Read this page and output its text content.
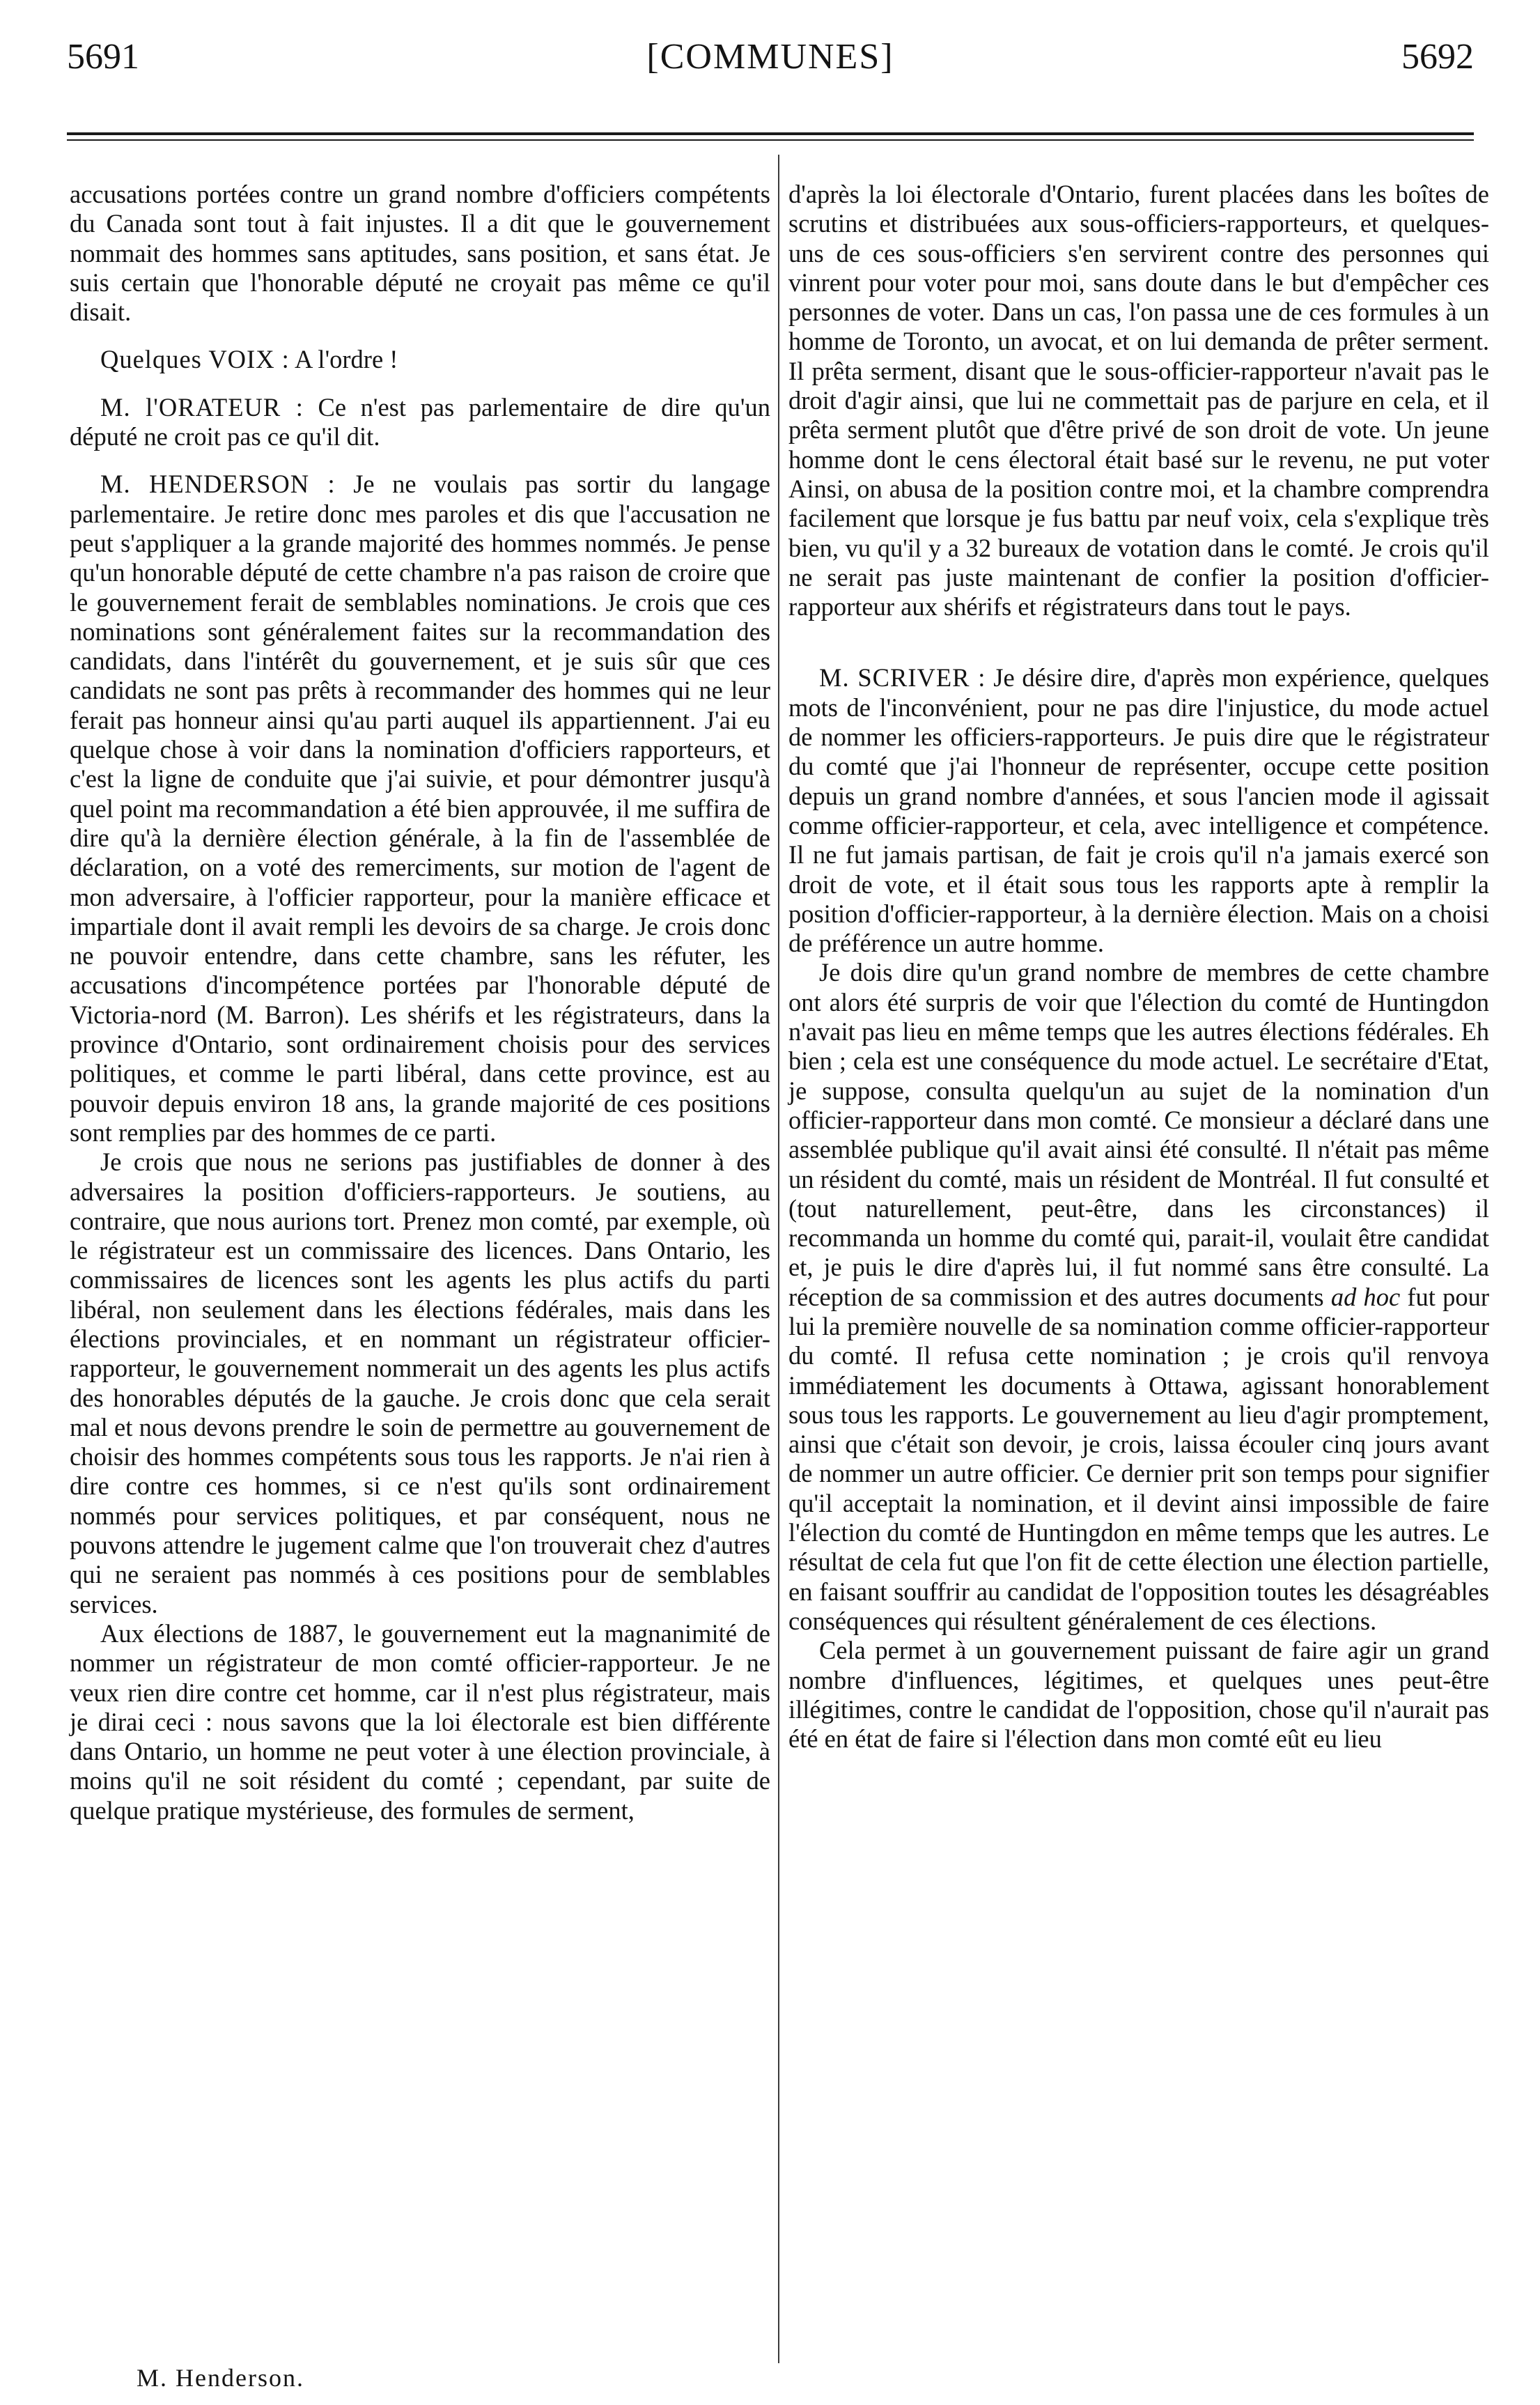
5691	[COMMUNES]	5692

accusations portées contre un grand nombre d'officiers compétents du Canada sont tout à fait injustes. Il a dit que le gouvernement nommait des hommes sans aptitudes, sans position, et sans état. Je suis certain que l'honorable député ne croyait pas même ce qu'il disait.

Quelques VOIX : A l'ordre !

M. l'ORATEUR : Ce n'est pas parlementaire de dire qu'un député ne croit pas ce qu'il dit.

M. HENDERSON : Je ne voulais pas sortir du langage parlementaire. Je retire donc mes paroles et dis que l'accusation ne peut s'appliquer a la grande majorité des hommes nommés. Je pense qu'un honorable député de cette chambre n'a pas raison de croire que le gouvernement ferait de semblables nominations. Je crois que ces nominations sont généralement faites sur la recommandation des candidats, dans l'intérêt du gouvernement, et je suis sûr que ces candidats ne sont pas prêts à recommander des hommes qui ne leur ferait pas honneur ainsi qu'au parti auquel ils appartiennent. J'ai eu quelque chose à voir dans la nomination d'officiers rapporteurs, et c'est la ligne de conduite que j'ai suivie, et pour démontrer jusqu'à quel point ma recommandation a été bien approuvée, il me suffira de dire qu'à la dernière élection générale, à la fin de l'assemblée de déclaration, on a voté des remerciments, sur motion de l'agent de mon adversaire, à l'officier rapporteur, pour la manière efficace et impartiale dont il avait rempli les devoirs de sa charge. Je crois donc ne pouvoir entendre, dans cette chambre, sans les réfuter, les accusations d'incompétence portées par l'honorable député de Victoria-nord (M. Barron). Les shérifs et les régistrateurs, dans la province d'Ontario, sont ordinairement choisis pour des services politiques, et comme le parti libéral, dans cette province, est au pouvoir depuis environ 18 ans, la grande majorité de ces positions sont remplies par des hommes de ce parti.

Je crois que nous ne serions pas justifiables de donner à des adversaires la position d'officiers-rapporteurs. Je soutiens, au contraire, que nous aurions tort. Prenez mon comté, par exemple, où le régistrateur est un commissaire des licences. Dans Ontario, les commissaires de licences sont les agents les plus actifs du parti libéral, non seulement dans les élections fédérales, mais dans les élections provinciales, et en nommant un régistrateur officier-rapporteur, le gouvernement nommerait un des agents les plus actifs des honorables députés de la gauche. Je crois donc que cela serait mal et nous devons prendre le soin de permettre au gouvernement de choisir des hommes compétents sous tous les rapports. Je n'ai rien à dire contre ces hommes, si ce n'est qu'ils sont ordinairement nommés pour services politiques, et par conséquent, nous ne pouvons attendre le jugement calme que l'on trouverait chez d'autres qui ne seraient pas nommés à ces positions pour de semblables services.

Aux élections de 1887, le gouvernement eut la magnanimité de nommer un régistrateur de mon comté officier-rapporteur. Je ne veux rien dire contre cet homme, car il n'est plus régistrateur, mais je dirai ceci : nous savons que la loi électorale est bien différente dans Ontario, un homme ne peut voter à une élection provinciale, à moins qu'il ne soit résident du comté ; cependant, par suite de quelque pratique mystérieuse, des formules de serment,

M. Henderson.

d'après la loi électorale d'Ontario, furent placées dans les boîtes de scrutins et distribuées aux sous-officiers-rapporteurs, et quelques-uns de ces sous-officiers s'en servirent contre des personnes qui vinrent pour voter pour moi, sans doute dans le but d'empêcher ces personnes de voter. Dans un cas, l'on passa une de ces formules à un homme de Toronto, un avocat, et on lui demanda de prêter serment. Il prêta serment, disant que le sous-officier-rapporteur n'avait pas le droit d'agir ainsi, que lui ne commettait pas de parjure en cela, et il prêta serment plutôt que d'être privé de son droit de vote. Un jeune homme dont le cens électoral était basé sur le revenu, ne put voter Ainsi, on abusa de la position contre moi, et la chambre comprendra facilement que lorsque je fus battu par neuf voix, cela s'explique très bien, vu qu'il y a 32 bureaux de votation dans le comté. Je crois qu'il ne serait pas juste maintenant de confier la position d'officier-rapporteur aux shérifs et régistrateurs dans tout le pays.

M. SCRIVER : Je désire dire, d'après mon expérience, quelques mots de l'inconvénient, pour ne pas dire l'injustice, du mode actuel de nommer les officiers-rapporteurs. Je puis dire que le régistrateur du comté que j'ai l'honneur de représenter, occupe cette position depuis un grand nombre d'années, et sous l'ancien mode il agissait comme officier-rapporteur, et cela, avec intelligence et compétence. Il ne fut jamais partisan, de fait je crois qu'il n'a jamais exercé son droit de vote, et il était sous tous les rapports apte à remplir la position d'officier-rapporteur, à la dernière élection. Mais on a choisi de préférence un autre homme.

Je dois dire qu'un grand nombre de membres de cette chambre ont alors été surpris de voir que l'élection du comté de Huntingdon n'avait pas lieu en même temps que les autres élections fédérales. Eh bien ; cela est une conséquence du mode actuel. Le secrétaire d'Etat, je suppose, consulta quelqu'un au sujet de la nomination d'un officier-rapporteur dans mon comté. Ce monsieur a déclaré dans une assemblée publique qu'il avait ainsi été consulté. Il n'était pas même un résident du comté, mais un résident de Montréal. Il fut consulté et (tout naturellement, peut-être, dans les circonstances) il recommanda un homme du comté qui, parait-il, voulait être candidat et, je puis le dire d'après lui, il fut nommé sans être consulté. La réception de sa commission et des autres documents ad hoc fut pour lui la première nouvelle de sa nomination comme officier-rapporteur du comté. Il refusa cette nomination ; je crois qu'il renvoya immédiatement les documents à Ottawa, agissant honorablement sous tous les rapports. Le gouvernement au lieu d'agir promptement, ainsi que c'était son devoir, je crois, laissa écouler cinq jours avant de nommer un autre officier. Ce dernier prit son temps pour signifier qu'il acceptait la nomination, et il devint ainsi impossible de faire l'élection du comté de Huntingdon en même temps que les autres. Le résultat de cela fut que l'on fit de cette élection une élection partielle, en faisant souffrir au candidat de l'opposition toutes les désagréables conséquences qui résultent généralement de ces élections.

Cela permet à un gouvernement puissant de faire agir un grand nombre d'influences, légitimes, et quelques unes peut-être illégitimes, contre le candidat de l'opposition, chose qu'il n'aurait pas été en état de faire si l'élection dans mon comté eût eu lieu
